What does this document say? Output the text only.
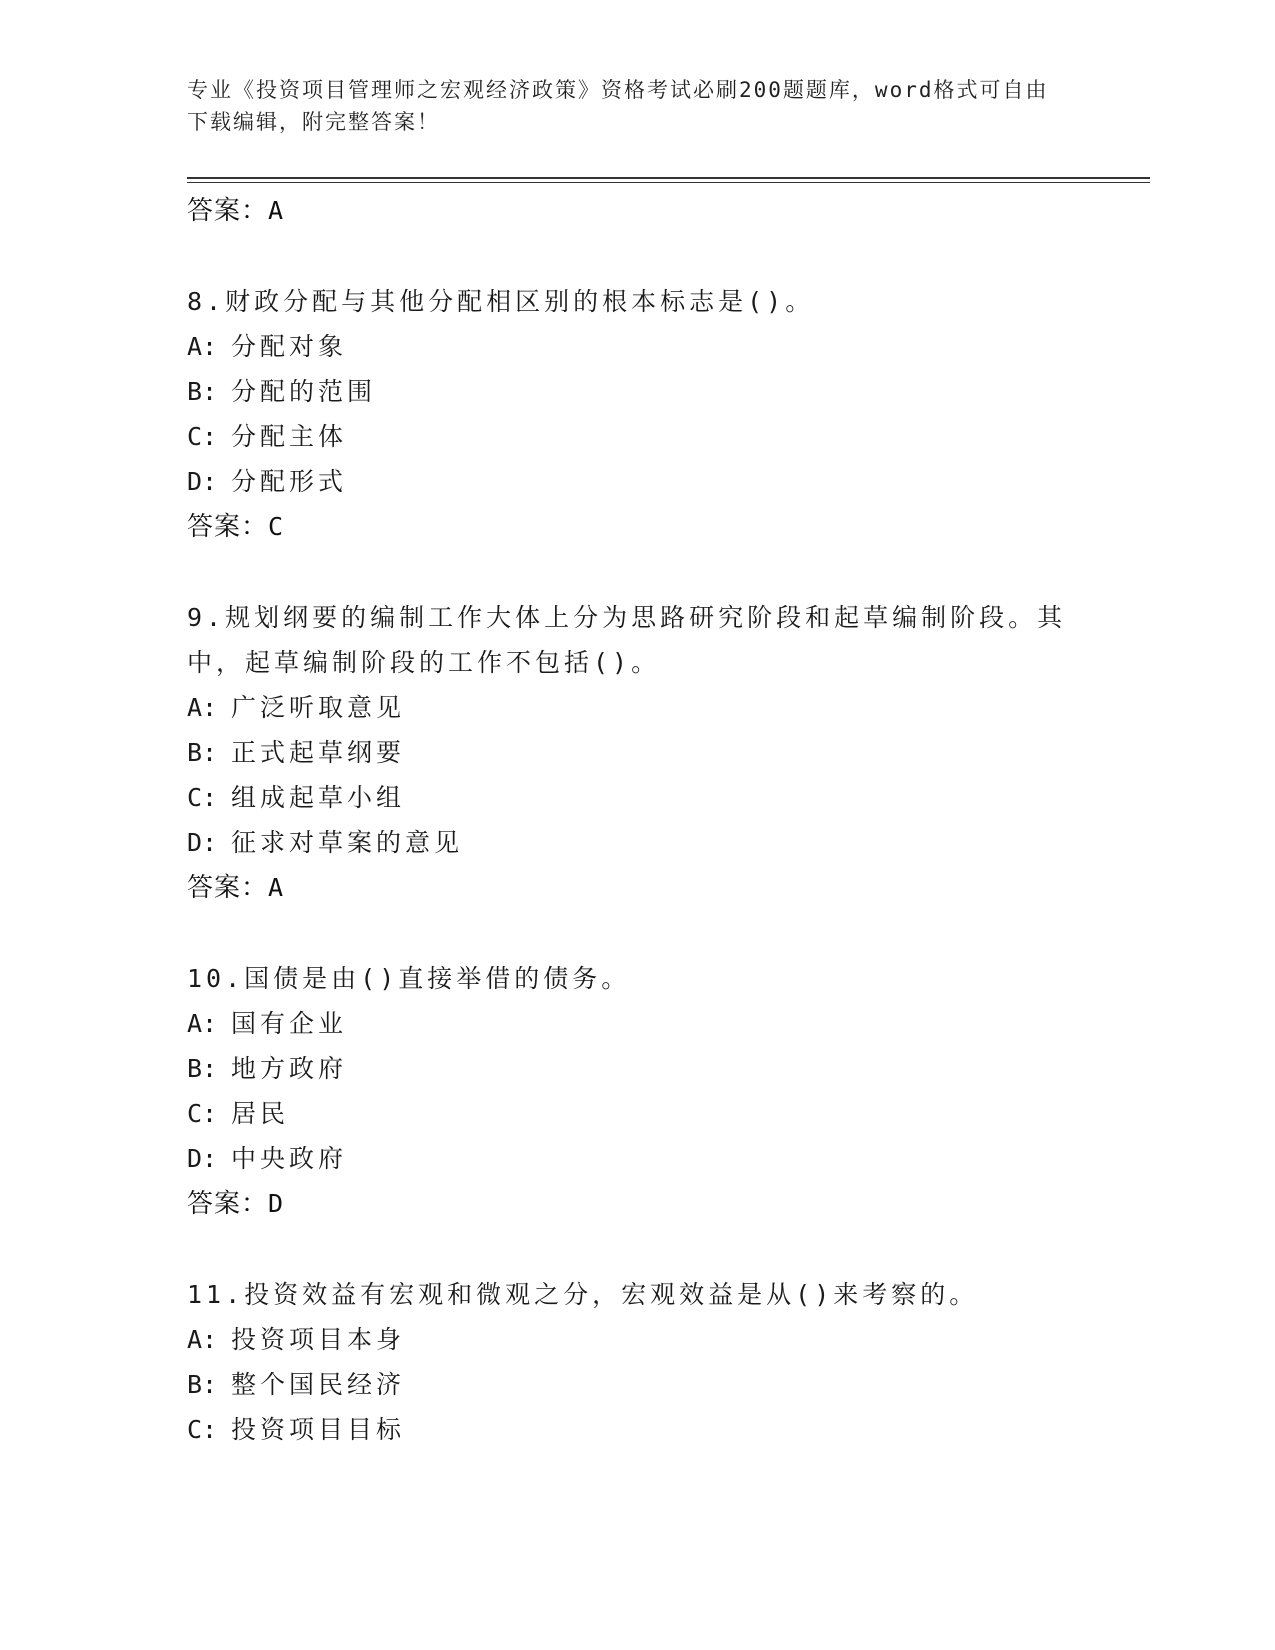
专业《投资项目管理师之宏观经济政策》资格考试必刷200题题库，word格式可自由下载编辑，附完整答案！
答案：A
8.财政分配与其他分配相区别的根本标志是()。
A: 分配对象
B: 分配的范围
C: 分配主体
D: 分配形式
答案：C
9.规划纲要的编制工作大体上分为思路研究阶段和起草编制阶段。其中，起草编制阶段的工作不包括()。
A: 广泛听取意见
B: 正式起草纲要
C: 组成起草小组
D: 征求对草案的意见
答案：A
10.国债是由()直接举借的债务。
A: 国有企业
B: 地方政府
C: 居民
D: 中央政府
答案：D
11.投资效益有宏观和微观之分，宏观效益是从()来考察的。
A: 投资项目本身
B: 整个国民经济
C: 投资项目目标
